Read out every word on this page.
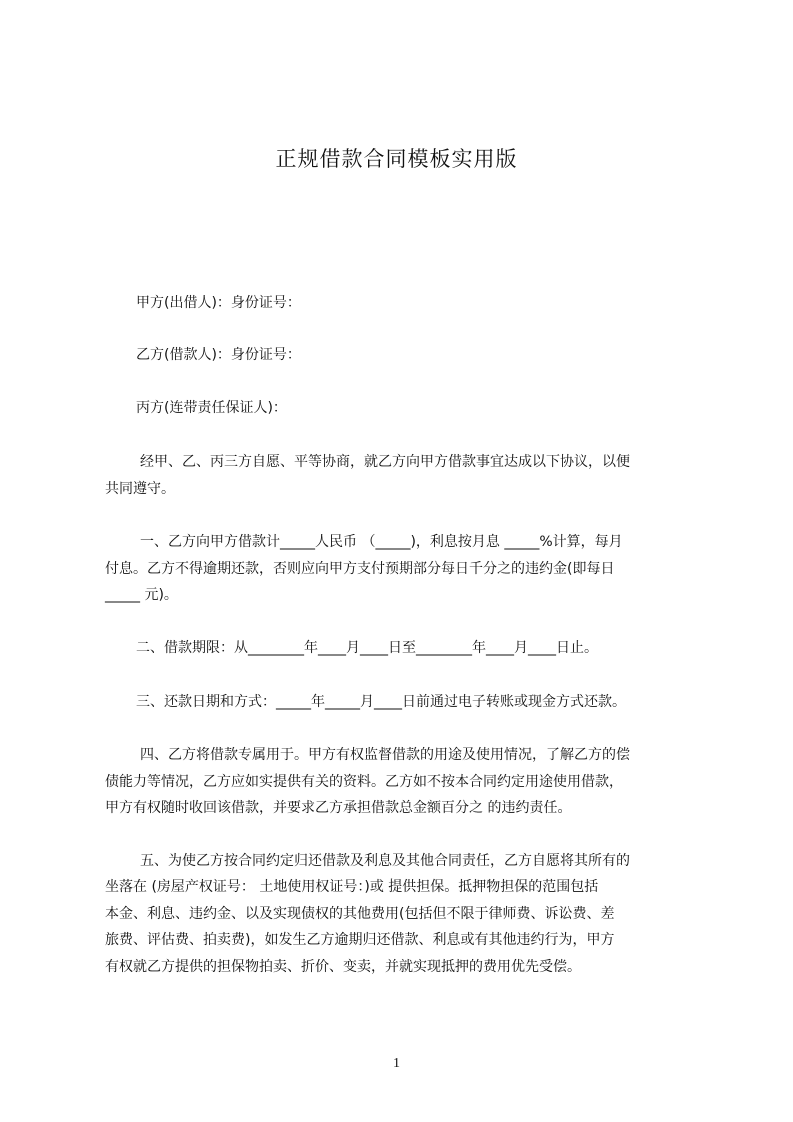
正规借款合同模板实用版
甲方(出借人)：身份证号：
乙方(借款人)：身份证号：
丙方(连带责任保证人)：
经甲、乙、丙三方自愿、平等协商，就乙方向甲方借款事宜达成以下协议，以便
共同遵守。
一、乙方向甲方借款计_____人民币 （_____)，利息按月息 _____%计算，每月
付息。乙方不得逾期还款，否则应向甲方支付预期部分每日千分之的违约金(即每日
_____ 元)。
二、借款期限：从________年____月____日至________年____月____日止。
三、还款日期和方式：_____年_____月____日前通过电子转账或现金方式还款。
四、乙方将借款专属用于。甲方有权监督借款的用途及使用情况，了解乙方的偿
债能力等情况，乙方应如实提供有关的资料。乙方如不按本合同约定用途使用借款，
甲方有权随时收回该借款，并要求乙方承担借款总金额百分之 的违约责任。
五、为使乙方按合同约定归还借款及利息及其他合同责任，乙方自愿将其所有的
坐落在 (房屋产权证号： 土地使用权证号：)或 提供担保。抵押物担保的范围包括
本金、利息、违约金、以及实现债权的其他费用(包括但不限于律师费、诉讼费、差
旅费、评估费、拍卖费)，如发生乙方逾期归还借款、利息或有其他违约行为，甲方
有权就乙方提供的担保物拍卖、折价、变卖，并就实现抵押的费用优先受偿。
1
